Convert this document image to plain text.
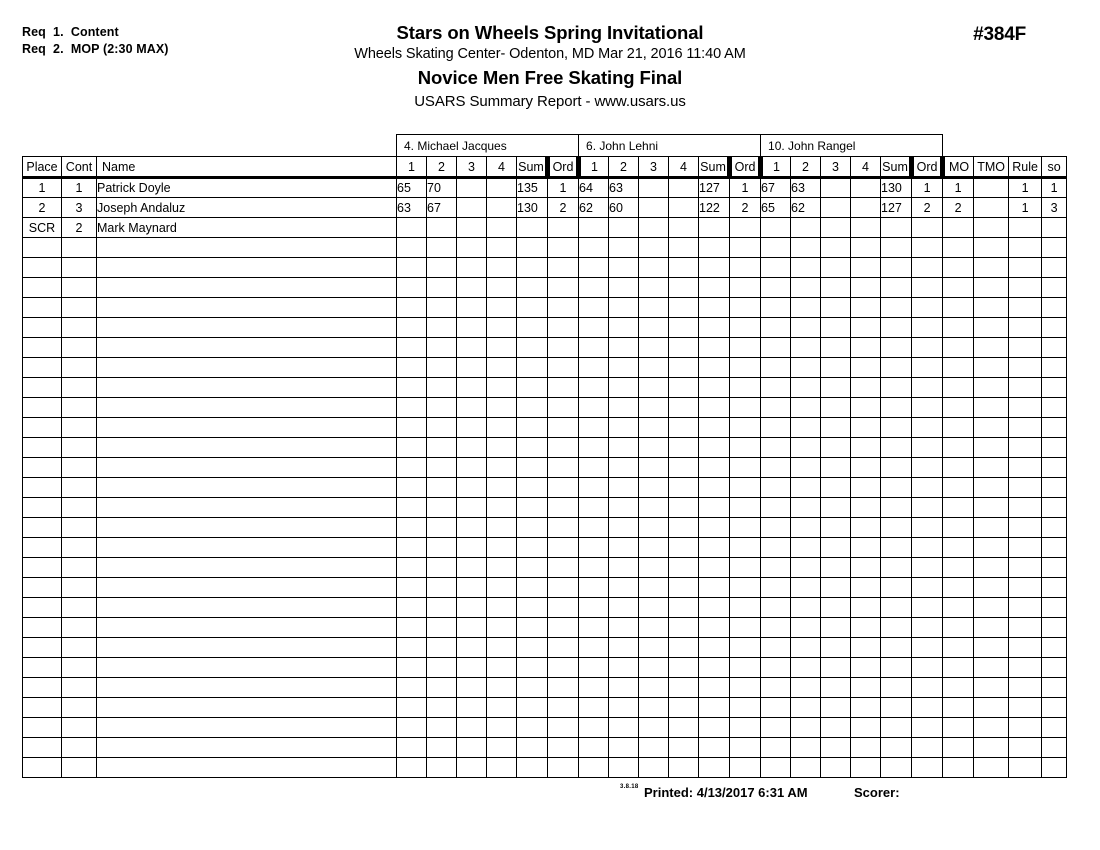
Req  1.  Content
Req  2.  MOP (2:30 MAX)
Stars on Wheels Spring Invitational
Wheels Skating Center- Odenton, MD Mar 21, 2016 11:40 AM
Novice Men Free Skating Final
USARS Summary Report - www.usars.us
#384F
			4. Michael Jacques						6. John Lehni						10. John Rangel									
Place	Cont	Name	1	2	3	4	Sum	Ord	1	2	3	4	Sum	Ord	1	2	3	4	Sum	Ord	MO	TMO	Rule	so
1	1	Patrick Doyle	65	70			135	1	64	63			127	1	67	63			130	1	1		1	1
2	3	Joseph Andaluz	63	67			130	2	62	60			122	2	65	62			127	2	2		1	3
SCR	2	Mark Maynard																						

3.8.18 Printed: 4/13/2017 6:31 AM	Scorer:
